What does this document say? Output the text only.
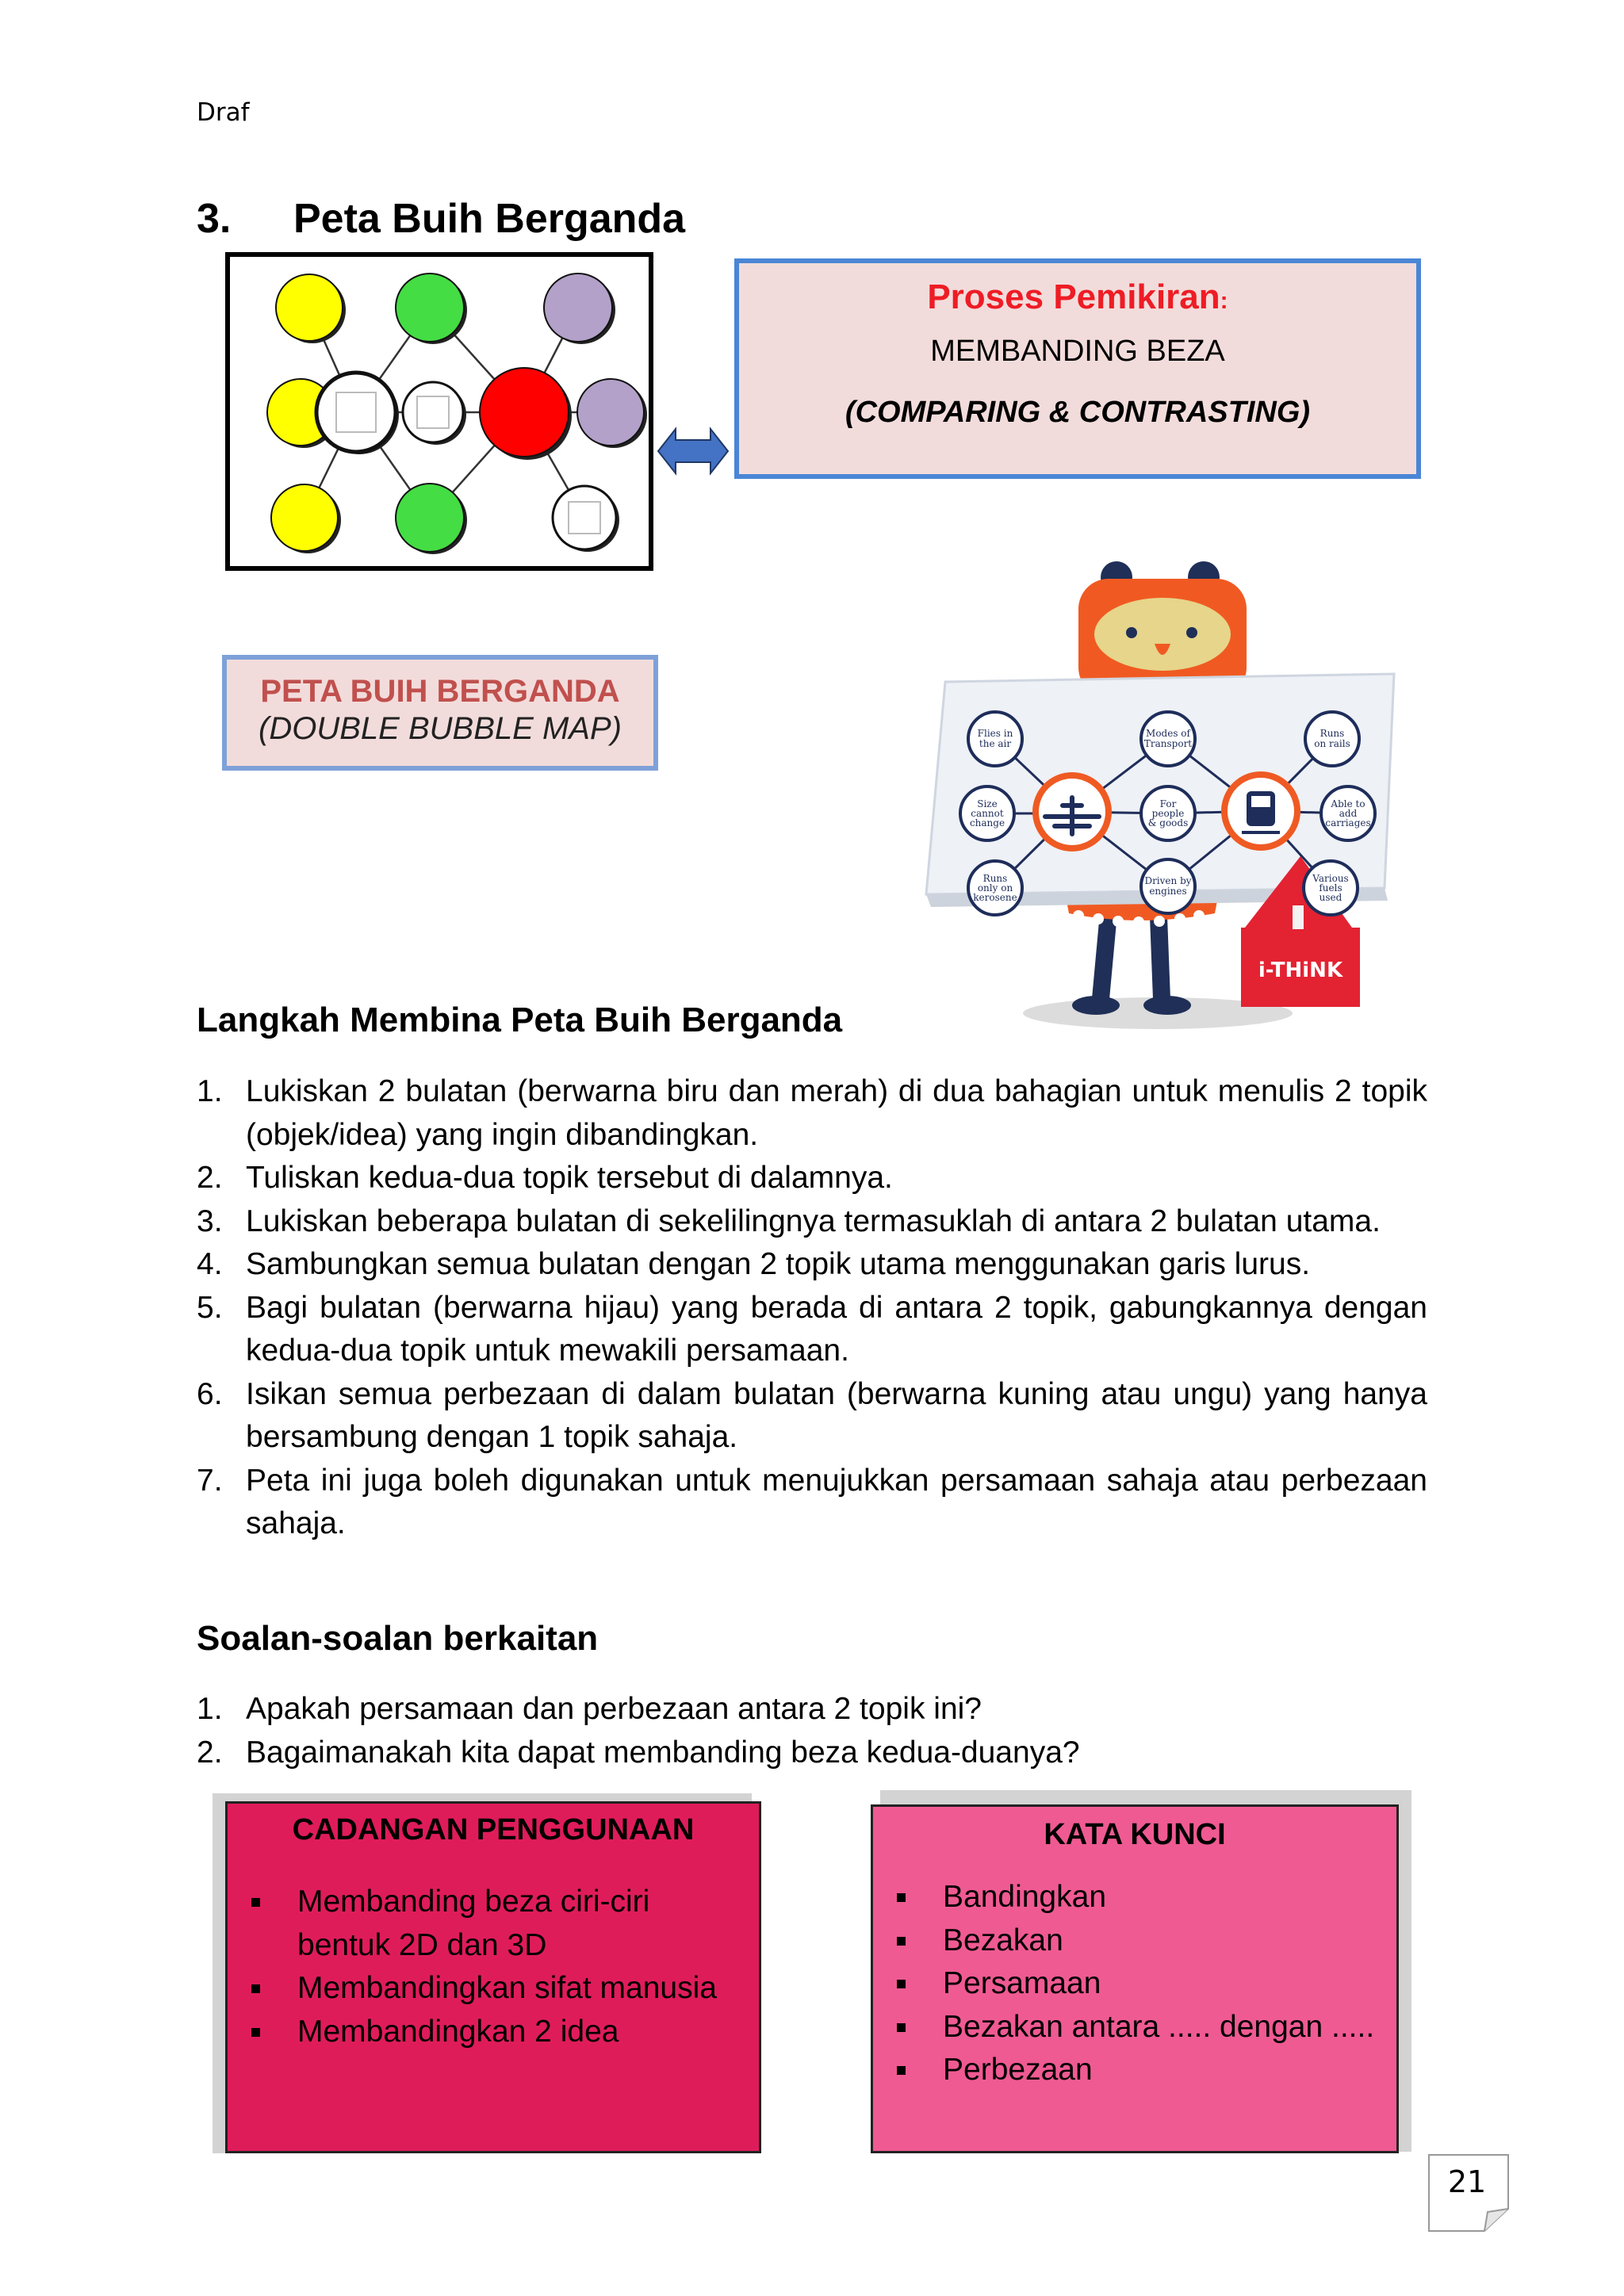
Draf
3. Peta Buih Berganda
Proses Pemikiran:
MEMBANDING BEZA
(COMPARING & CONTRASTING)
PETA BUIH BERGANDA
(DOUBLE BUBBLE MAP)
i-THiNK
Flies in the air
Modes of Transport
Runs on rails
Size cannot change
For people & goods
Able to add carriages
Runs only on kerosene
Driven by engines
Various fuels used
Langkah Membina Peta Buih Berganda
1. Lukiskan 2 bulatan (berwarna biru dan merah) di dua bahagian untuk menulis 2 topik (objek/idea) yang ingin dibandingkan.
2. Tuliskan kedua-dua topik tersebut di dalamnya.
3. Lukiskan beberapa bulatan di sekelilingnya termasuklah di antara 2 bulatan utama.
4. Sambungkan semua bulatan dengan 2 topik utama menggunakan garis lurus.
5. Bagi bulatan (berwarna hijau) yang berada di antara 2 topik, gabungkannya dengan kedua-dua topik untuk mewakili persamaan.
6. Isikan semua perbezaan di dalam bulatan (berwarna kuning atau ungu) yang hanya bersambung dengan 1 topik sahaja.
7. Peta ini juga boleh digunakan untuk menujukkan persamaan sahaja atau perbezaan sahaja.
Soalan-soalan berkaitan
1. Apakah persamaan dan perbezaan antara 2 topik ini?
2. Bagaimanakah kita dapat membanding beza kedua-duanya?
CADANGAN PENGGUNAAN
Membanding beza ciri-ciri bentuk 2D dan 3D
Membandingkan sifat manusia
Membandingkan 2 idea
KATA KUNCI
Bandingkan
Bezakan
Persamaan
Bezakan antara ..... dengan .....
Perbezaan
21
